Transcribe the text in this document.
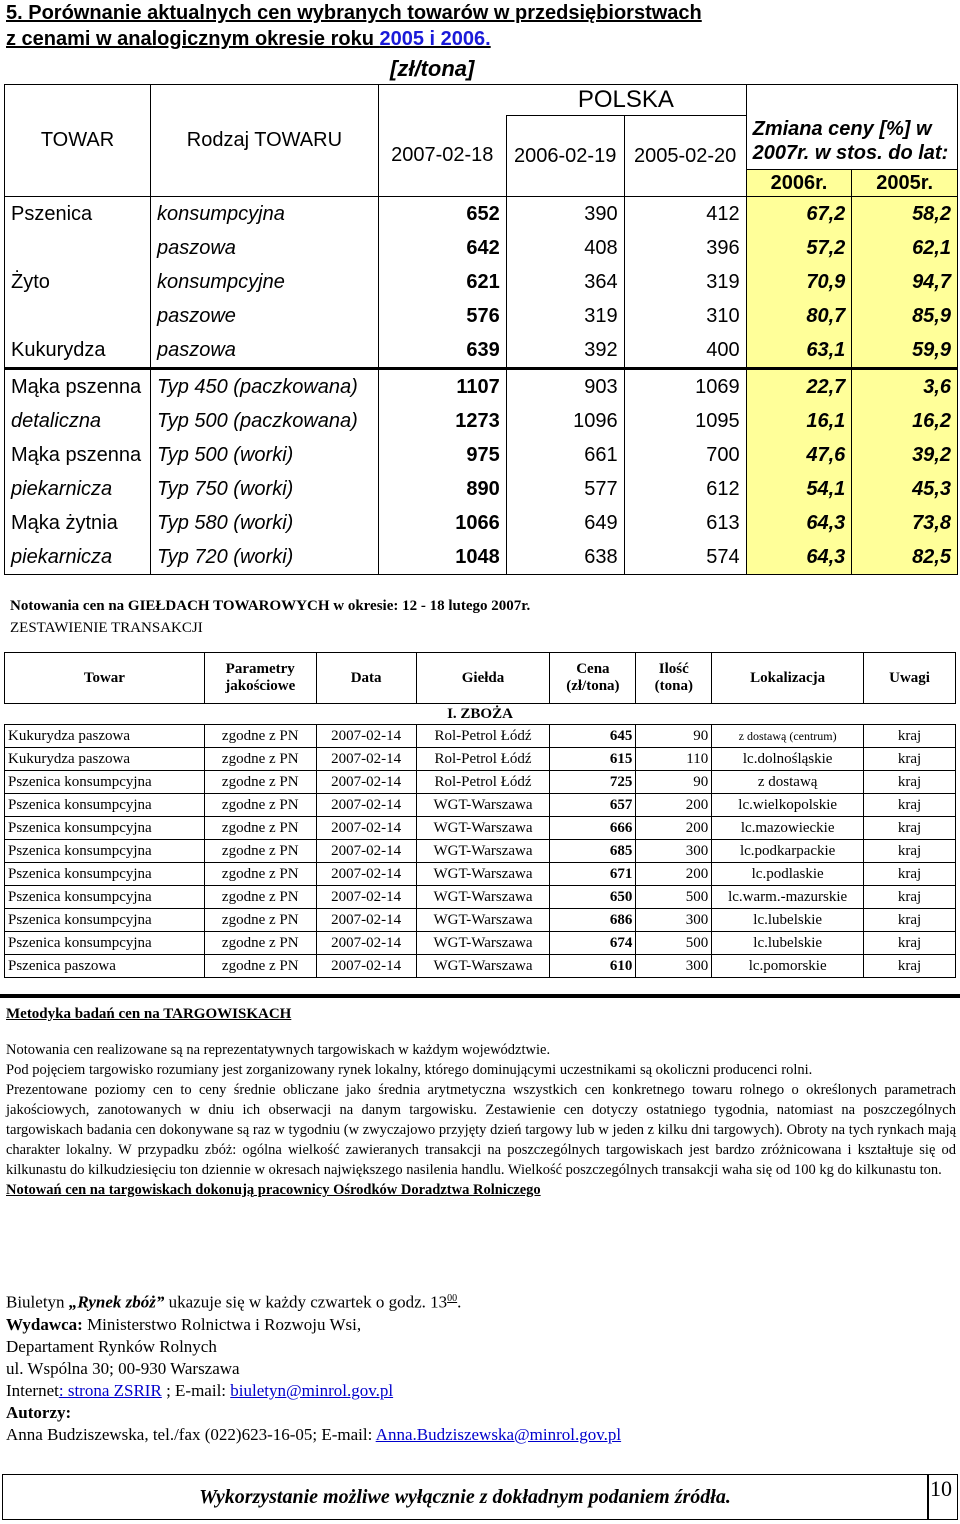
5. Porównanie aktualnych cen wybranych towarów w przedsiębiorstwach
z cenami w analogicznym okresie roku 2005 i 2006.
[zł/tona]
TOWAR	Rodzaj TOWARU		POLSKA			
		2007-02-18	2006-02-19	2005-02-20	Zmiana ceny [%] w 2007r. w stos. do lat:	
					2006r.	2005r.
Pszenica	konsumpcyjna	652	390	412	67,2	58,2
	paszowa	642	408	396	57,2	62,1
Żyto	konsumpcyjne	621	364	319	70,9	94,7
	paszowe	576	319	310	80,7	85,9
Kukurydza	paszowa	639	392	400	63,1	59,9
Mąka pszenna	Typ 450 (paczkowana)	1107	903	1069	22,7	3,6
detaliczna	Typ 500 (paczkowana)	1273	1096	1095	16,1	16,2
Mąka pszenna	Typ 500 (worki)	975	661	700	47,6	39,2
piekarnicza	Typ 750 (worki)	890	577	612	54,1	45,3
Mąka żytnia	Typ 580 (worki)	1066	649	613	64,3	73,8
piekarnicza	Typ 720 (worki)	1048	638	574	64,3	82,5
Notowania cen na GIEŁDACH TOWAROWYCH w okresie: 12 - 18 lutego 2007r.
ZESTAWIENIE TRANSAKCJI
Towar	Parametry jakościowe	Data	Giełda	Cena (zł/tona)	Ilość (tona)	Lokalizacja	Uwagi
I. ZBOŻA							
Kukurydza paszowa	zgodne z PN	2007-02-14	Rol-Petrol Łódź	645	90	z dostawą (centrum)	kraj
Kukurydza paszowa	zgodne z PN	2007-02-14	Rol-Petrol Łódź	615	110	lc.dolnośląskie	kraj
Pszenica konsumpcyjna	zgodne z PN	2007-02-14	Rol-Petrol Łódź	725	90	z dostawą	kraj
Pszenica konsumpcyjna	zgodne z PN	2007-02-14	WGT-Warszawa	657	200	lc.wielkopolskie	kraj
Pszenica konsumpcyjna	zgodne z PN	2007-02-14	WGT-Warszawa	666	200	lc.mazowieckie	kraj
Pszenica konsumpcyjna	zgodne z PN	2007-02-14	WGT-Warszawa	685	300	lc.podkarpackie	kraj
Pszenica konsumpcyjna	zgodne z PN	2007-02-14	WGT-Warszawa	671	200	lc.podlaskie	kraj
Pszenica konsumpcyjna	zgodne z PN	2007-02-14	WGT-Warszawa	650	500	lc.warm.-mazurskie	kraj
Pszenica konsumpcyjna	zgodne z PN	2007-02-14	WGT-Warszawa	686	300	lc.lubelskie	kraj
Pszenica konsumpcyjna	zgodne z PN	2007-02-14	WGT-Warszawa	674	500	lc.lubelskie	kraj
Pszenica paszowa	zgodne z PN	2007-02-14	WGT-Warszawa	610	300	lc.pomorskie	kraj
Metodyka badań cen na TARGOWISKACH

Notowania cen realizowane są na reprezentatywnych targowiskach w każdym województwie.

Pod pojęciem targowisko rozumiany jest zorganizowany rynek lokalny, którego dominującymi uczestnikami są okoliczni producenci rolni.

Prezentowane poziomy cen to ceny średnie obliczane jako średnia arytmetyczna wszystkich cen konkretnego towaru rolnego o określonych parametrach jakościowych, zanotowanych w dniu ich obserwacji na danym targowisku. Zestawienie cen dotyczy ostatniego tygodnia, natomiast na poszczególnych targowiskach badania cen dokonywane są raz w tygodniu (w zwyczajowo przyjęty dzień targowy lub w jeden z kilku dni targowych). Obroty na tych rynkach mają charakter lokalny. W przypadku zbóż: ogólna wielkość zawieranych transakcji na poszczególnych targowiskach jest bardzo zróżnicowana i kształtuje się od kilkunastu do kilkudziesięciu ton dziennie w okresach największego nasilenia handlu. Wielkość poszczególnych transakcji waha się od 100 kg do kilkunastu ton.

Notowań cen na targowiskach dokonują pracownicy Ośrodków Doradztwa Rolniczego

Biuletyn „Rynek zbóż” ukazuje się w każdy czwartek o godz. $13^{00}$.
Wydawca: Ministerstwo Rolnictwa i Rozwoju Wsi,
Departament Rynków Rolnych
ul. Wspólna 30; 00-930 Warszawa
Internet: strona ZSRIR ; E-mail: biuletyn@minrol.gov.pl
Autorzy:
Anna Budziszewska, tel./fax (022)623-16-05; E-mail: Anna.Budziszewska@minrol.gov.pl
Wykorzystanie możliwe wyłącznie z dokładnym podaniem źródła.	10
